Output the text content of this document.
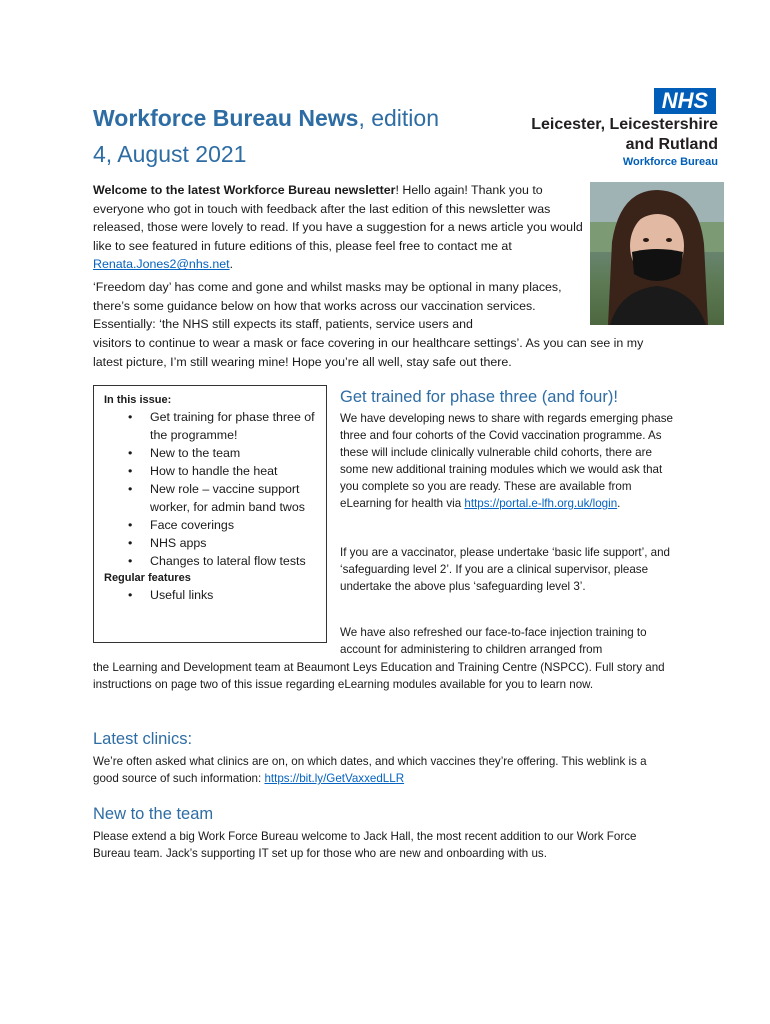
Workforce Bureau News, edition
4, August 2021
NHS
Leicester, Leicestershire
and Rutland
Workforce Bureau

Welcome to the latest Workforce Bureau newsletter! Hello again! Thank you to everyone who got in touch with feedback after the last edition of this newsletter was released, those were lovely to read. If you have a suggestion for a news article you would like to see featured in future editions of this, please feel free to contact me at Renata.Jones2@nhs.net.

‘Freedom day’ has come and gone and whilst masks may be optional in many places, there’s some guidance below on how that works across our vaccination services. Essentially: ‘the NHS still expects its staff, patients, service users and

visitors to continue to wear a mask or face covering in our healthcare settings’. As you can see in my latest picture, I’m still wearing mine! Hope you’re all well, stay safe out there.

In this issue:
• Get training for phase three of the programme!
• New to the team
• How to handle the heat
• New role – vaccine support worker, for admin band twos
• Face coverings
• NHS apps
• Changes to lateral flow tests
Regular features
• Useful links
Get trained for phase three (and four)!

We have developing news to share with regards emerging phase three and four cohorts of the Covid vaccination programme. As these will include clinically vulnerable child cohorts, there are some new additional training modules which we would ask that you complete so you are ready. These are available from eLearning for health via https://portal.e-lfh.org.uk/login.

If you are a vaccinator, please undertake ‘basic life support’, and ‘safeguarding level 2’. If you are a clinical supervisor, please undertake the above plus ‘safeguarding level 3’.

We have also refreshed our face-to-face injection training to account for administering to children arranged from

the Learning and Development team at Beaumont Leys Education and Training Centre (NSPCC). Full story and instructions on page two of this issue regarding eLearning modules available for you to learn now.

Latest clinics:

We’re often asked what clinics are on, on which dates, and which vaccines they’re offering. This weblink is a good source of such information: https://bit.ly/GetVaxxedLLR

New to the team

Please extend a big Work Force Bureau welcome to Jack Hall, the most recent addition to our Work Force Bureau team. Jack’s supporting IT set up for those who are new and onboarding with us.
